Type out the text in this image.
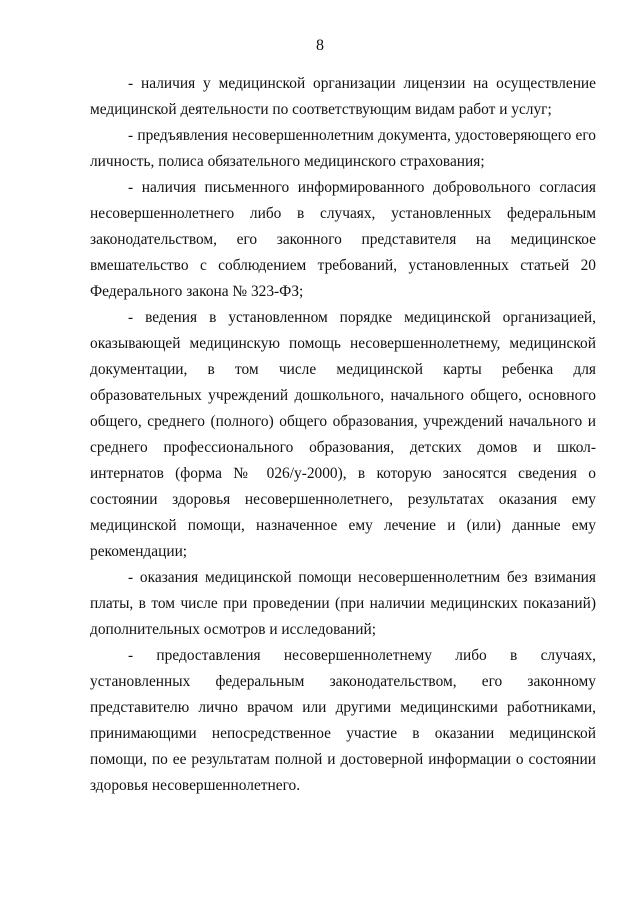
8

- наличия у медицинской организации лицензии на осуществление медицинской деятельности по соответствующим видам работ и услуг;

- предъявления несовершеннолетним документа, удостоверяющего его личность, полиса обязательного медицинского страхования;

- наличия письменного информированного добровольного согласия несовершеннолетнего либо в случаях, установленных федеральным законодательством, его законного представителя на медицинское вмешательство с соблюдением требований, установленных статьей 20 Федерального закона № 323-ФЗ;

- ведения в установленном порядке медицинской организацией, оказывающей медицинскую помощь несовершеннолетнему, медицинской документации, в том числе медицинской карты ребенка для образовательных учреждений дошкольного, начального общего, основного общего, среднего (полного) общего образования, учреждений начального и среднего профессионального образования, детских домов и школ-интернатов (форма № 026/у-2000), в которую заносятся сведения о состоянии здоровья несовершеннолетнего, результатах оказания ему медицинской помощи, назначенное ему лечение и (или) данные ему рекомендации;

- оказания медицинской помощи несовершеннолетним без взимания платы, в том числе при проведении (при наличии медицинских показаний) дополнительных осмотров и исследований;

- предоставления несовершеннолетнему либо в случаях, установленных федеральным законодательством, его законному представителю лично врачом или другими медицинскими работниками, принимающими непосредственное участие в оказании медицинской помощи, по ее результатам полной и достоверной информации о состоянии здоровья несовершеннолетнего.
